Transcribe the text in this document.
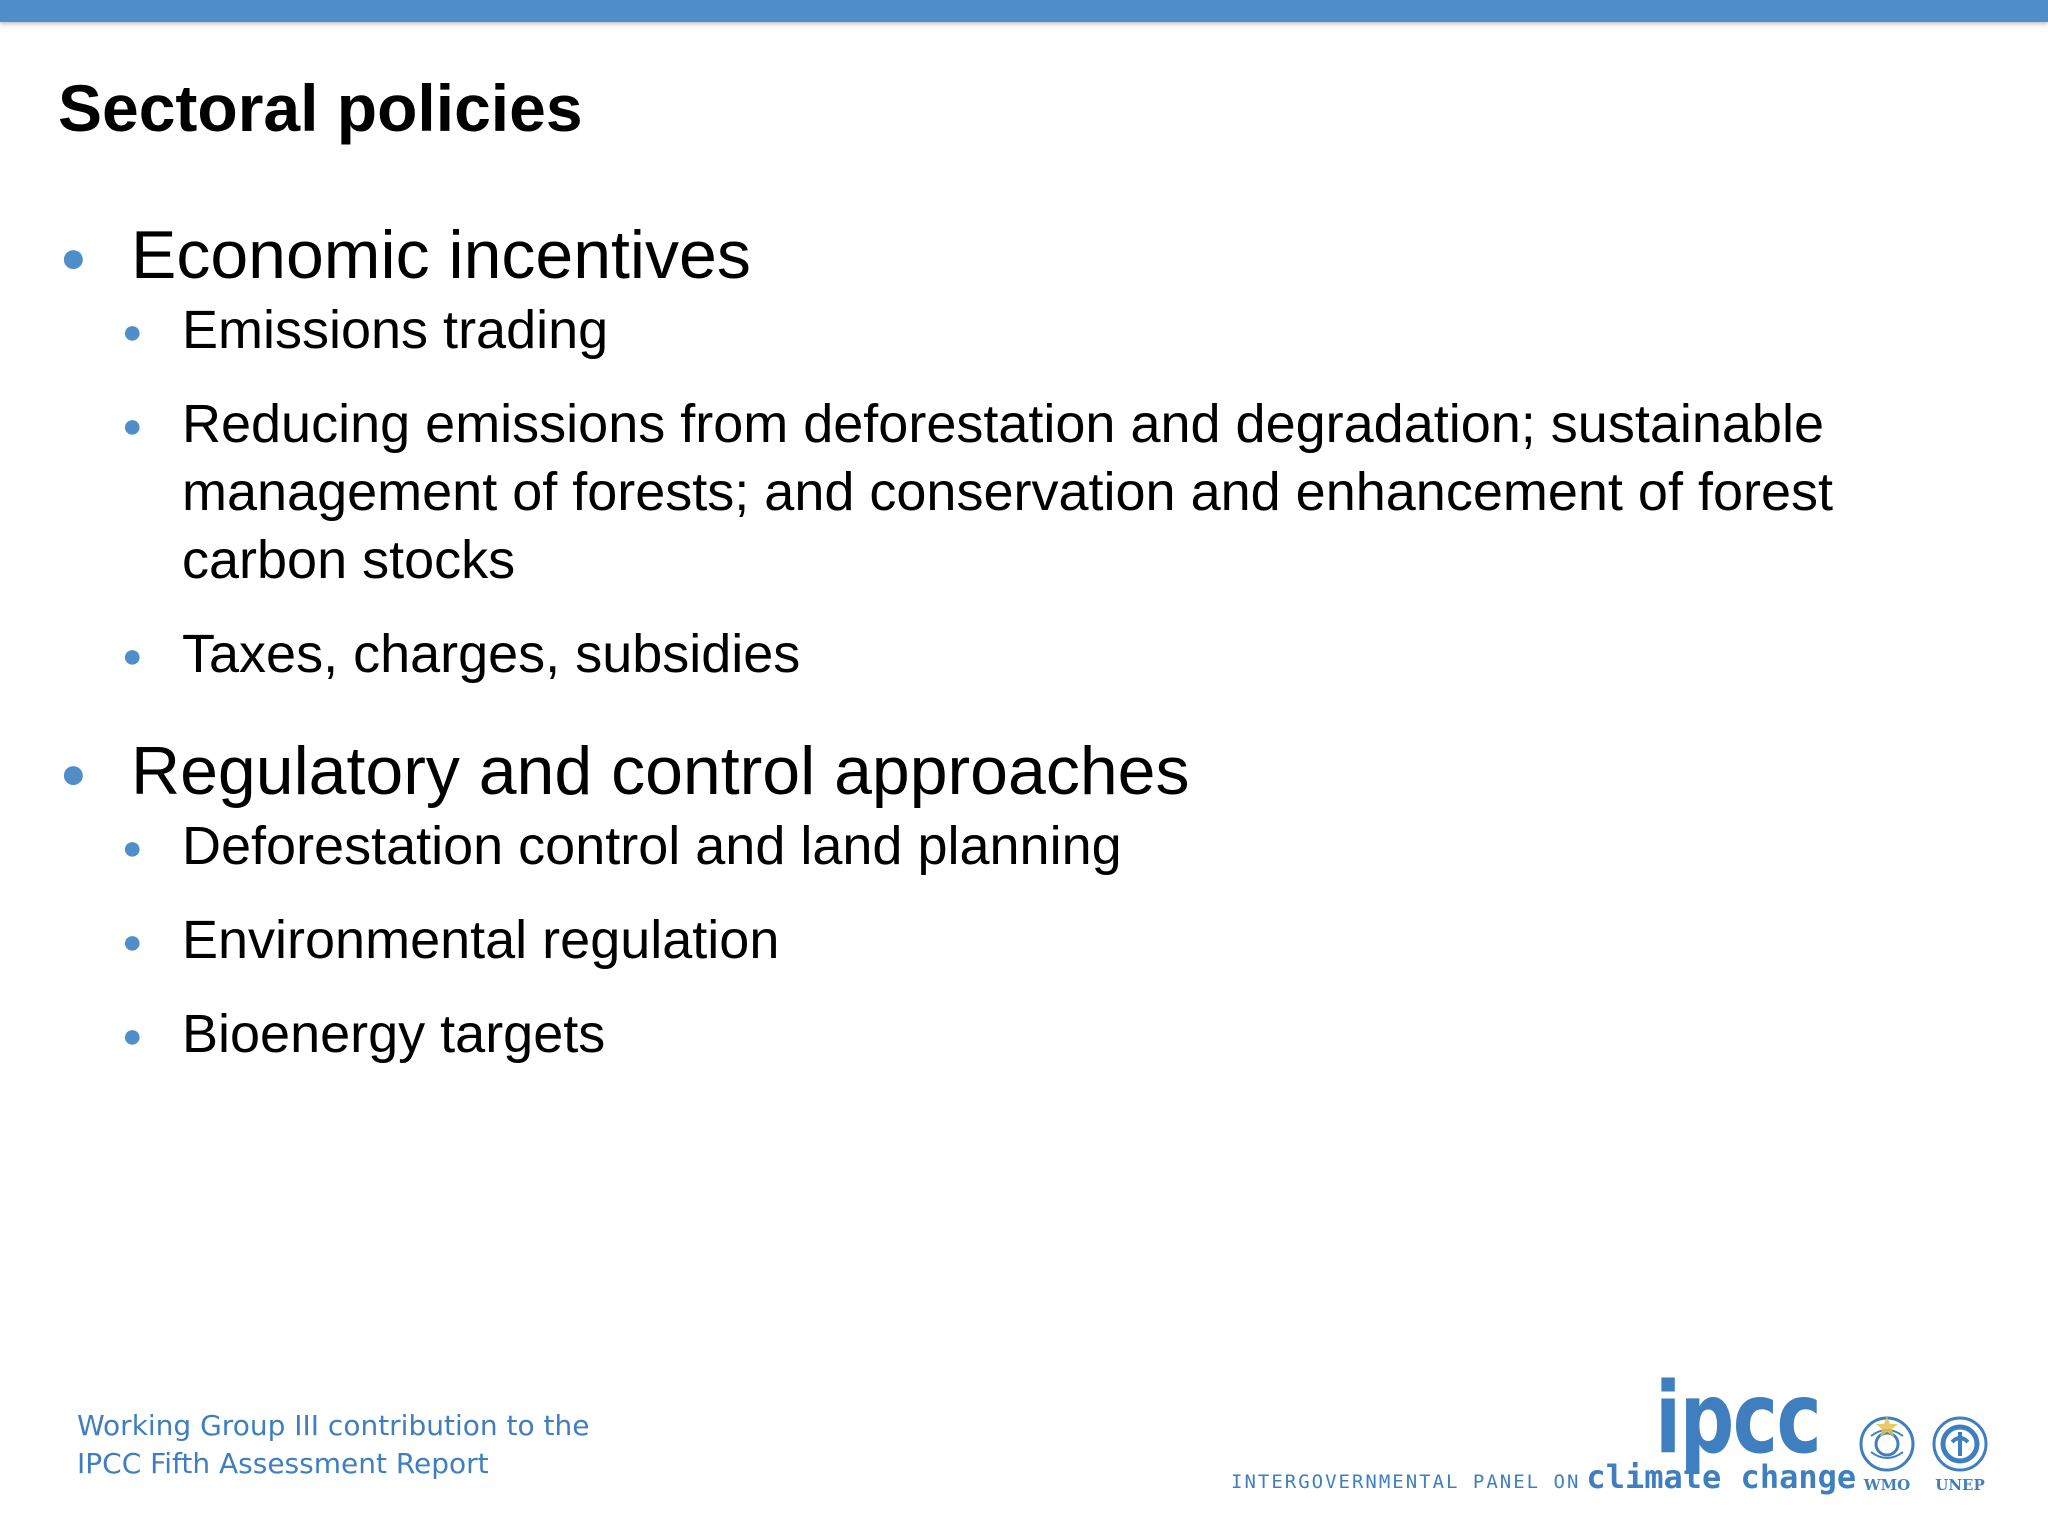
Sectoral policies
● Economic incentives
● Emissions trading
● Reducing emissions from deforestation and degradation; sustainable management of forests; and conservation and enhancement of forest carbon stocks
● Taxes, charges, subsidies
● Regulatory and control approaches
● Deforestation control and land planning
● Environmental regulation
● Bioenergy targets
Working Group III contribution to the
IPCC Fifth Assessment Report	ipcc
INTERGOVERNMENTAL PANEL ON climate change WMO	UNEP
